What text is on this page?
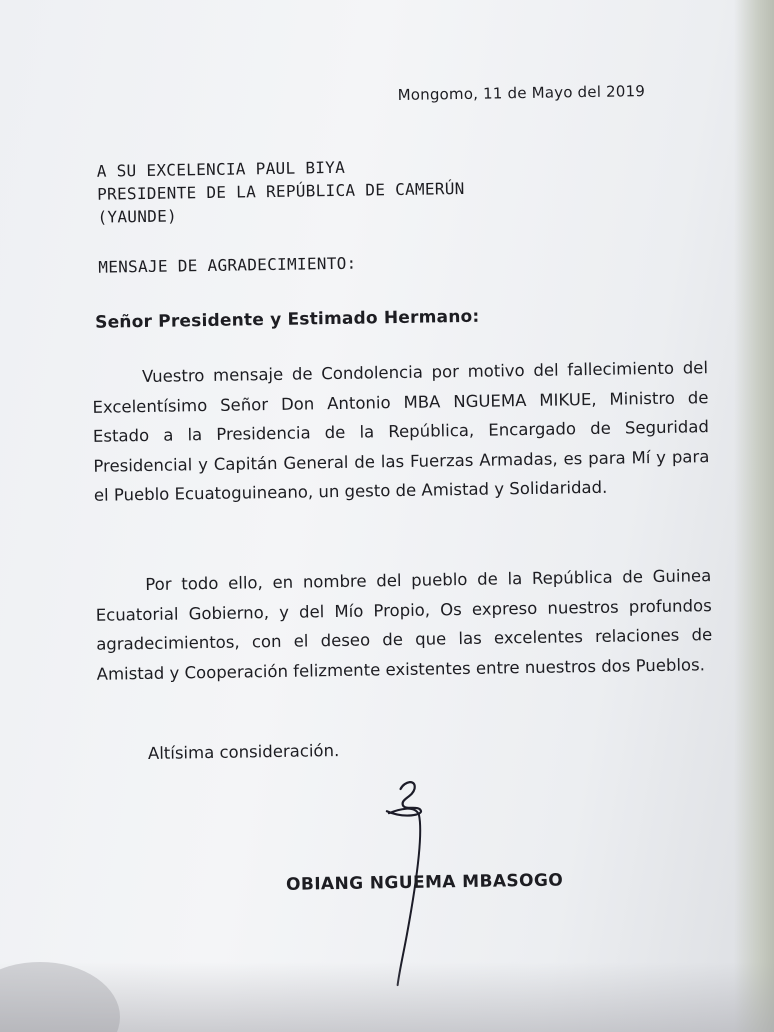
Mongomo, 11 de Mayo del 2019
A SU EXCELENCIA PAUL BIYA
PRESIDENTE DE LA REPÚBLICA DE CAMERÚN
(YAUNDE)
MENSAJE DE AGRADECIMIENTO:
Señor Presidente y Estimado Hermano:
Vuestro mensaje de Condolencia por motivo del fallecimiento del Excelentísimo Señor Don Antonio MBA NGUEMA MIKUE, Ministro de Estado a la Presidencia de la República, Encargado de Seguridad Presidencial y Capitán General de las Fuerzas Armadas, es para Mí y para el Pueblo Ecuatoguineano, un gesto de Amistad y Solidaridad.
Por todo ello, en nombre del pueblo de la República de Guinea Ecuatorial Gobierno, y del Mío Propio, Os expreso nuestros profundos agradecimientos, con el deseo de que las excelentes relaciones de Amistad y Cooperación felizmente existentes entre nuestros dos Pueblos.
Altísima consideración.
OBIANG NGUEMA MBASOGO
